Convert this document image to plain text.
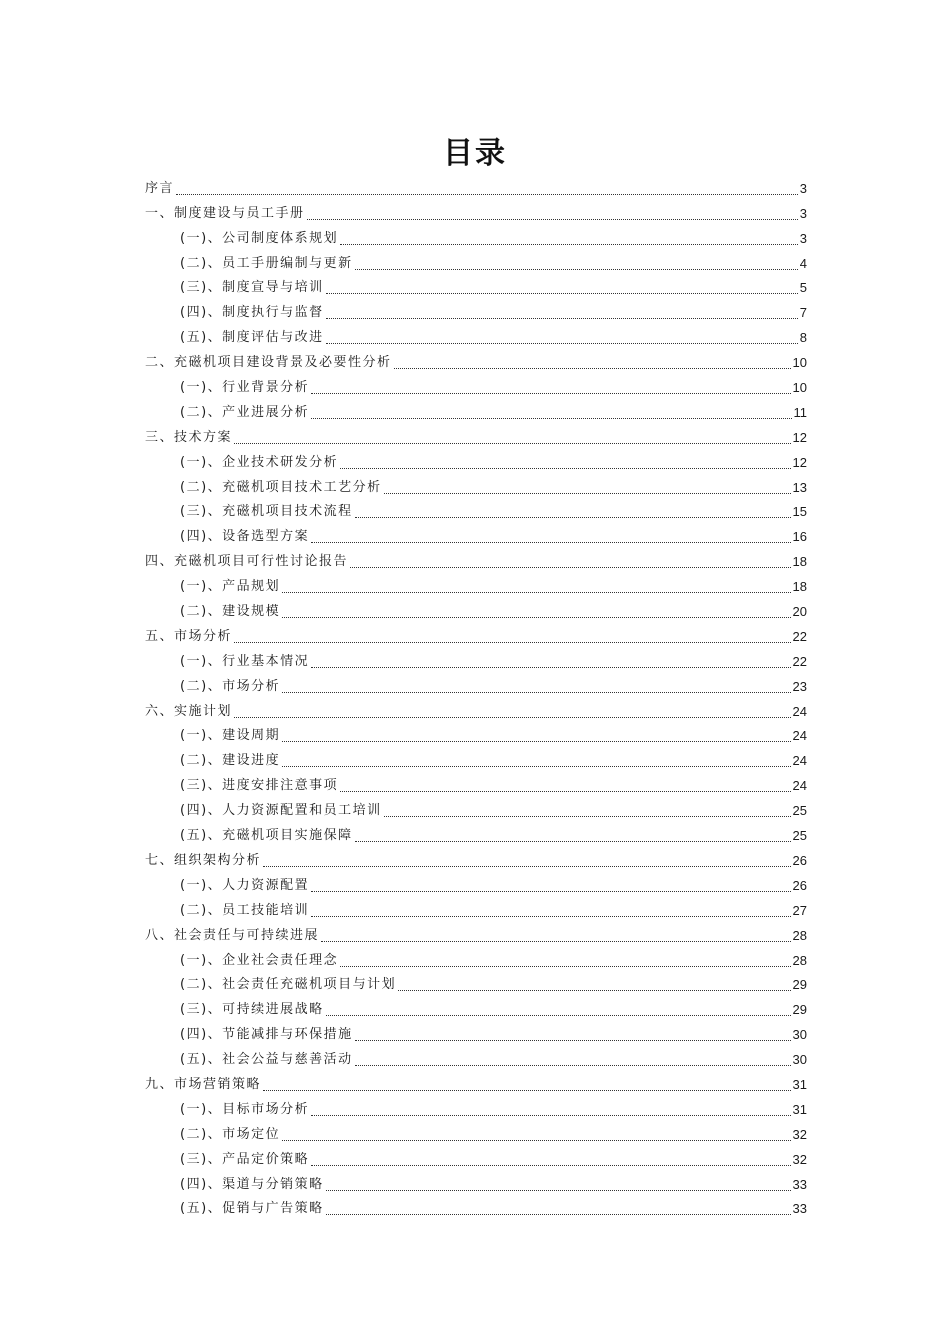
目录
序言	3
一、制度建设与员工手册	3
(一)、公司制度体系规划	3
(二)、员工手册编制与更新	4
(三)、制度宣导与培训	5
(四)、制度执行与监督	7
(五)、制度评估与改进	8
二、充磁机项目建设背景及必要性分析	10
(一)、行业背景分析	10
(二)、产业进展分析	11
三、技术方案	12
(一)、企业技术研发分析	12
(二)、充磁机项目技术工艺分析	13
(三)、充磁机项目技术流程	15
(四)、设备选型方案	16
四、充磁机项目可行性讨论报告	18
(一)、产品规划	18
(二)、建设规模	20
五、市场分析	22
(一)、行业基本情况	22
(二)、市场分析	23
六、实施计划	24
(一)、建设周期	24
(二)、建设进度	24
(三)、进度安排注意事项	24
(四)、人力资源配置和员工培训	25
(五)、充磁机项目实施保障	25
七、组织架构分析	26
(一)、人力资源配置	26
(二)、员工技能培训	27
八、社会责任与可持续进展	28
(一)、企业社会责任理念	28
(二)、社会责任充磁机项目与计划	29
(三)、可持续进展战略	29
(四)、节能减排与环保措施	30
(五)、社会公益与慈善活动	30
九、市场营销策略	31
(一)、目标市场分析	31
(二)、市场定位	32
(三)、产品定价策略	32
(四)、渠道与分销策略	33
(五)、促销与广告策略	33
